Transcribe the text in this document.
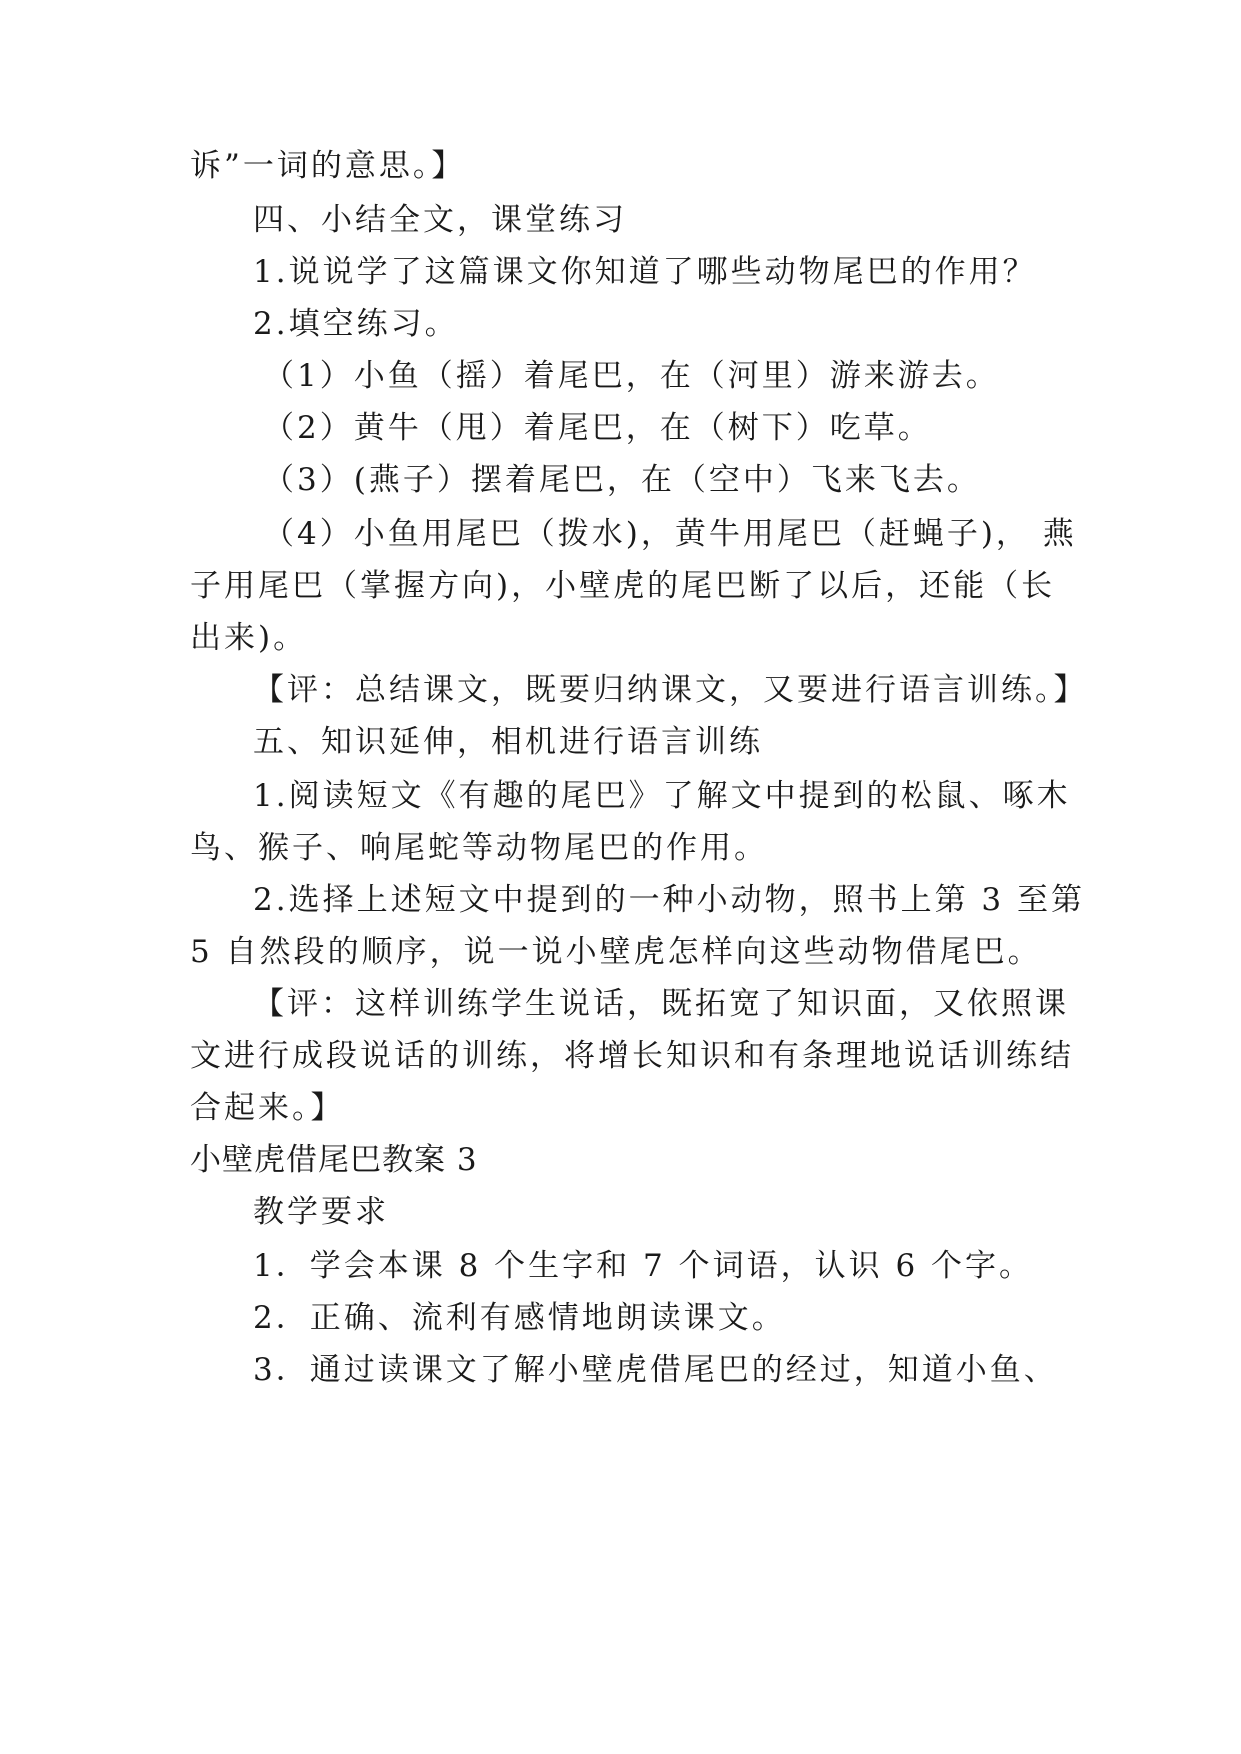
诉”一词的意思。】
四、小结全文，课堂练习
1.说说学了这篇课文你知道了哪些动物尾巴的作用？
2.填空练习。
（1）小鱼（摇）着尾巴，在（河里）游来游去。
（2）黄牛（甩）着尾巴，在（树下）吃草。
（3）(燕子）摆着尾巴，在（空中）飞来飞去。
（4）小鱼用尾巴（拨水)，黄牛用尾巴（赶蝇子)， 燕
子用尾巴（掌握方向)，小壁虎的尾巴断了以后，还能（长
出来)。
【评：总结课文，既要归纳课文，又要进行语言训练。】
五、知识延伸，相机进行语言训练
1.阅读短文《有趣的尾巴》了解文中提到的松鼠、啄木
鸟、猴子、响尾蛇等动物尾巴的作用。
2.选择上述短文中提到的一种小动物，照书上第 3 至第
5 自然段的顺序，说一说小壁虎怎样向这些动物借尾巴。
【评：这样训练学生说话，既拓宽了知识面，又依照课
文进行成段说话的训练，将增长知识和有条理地说话训练结
合起来。】
小壁虎借尾巴教案 3
教学要求
1．学会本课 8 个生字和 7 个词语，认识 6 个字。
2．正确、流利有感情地朗读课文。
3．通过读课文了解小壁虎借尾巴的经过，知道小鱼、
